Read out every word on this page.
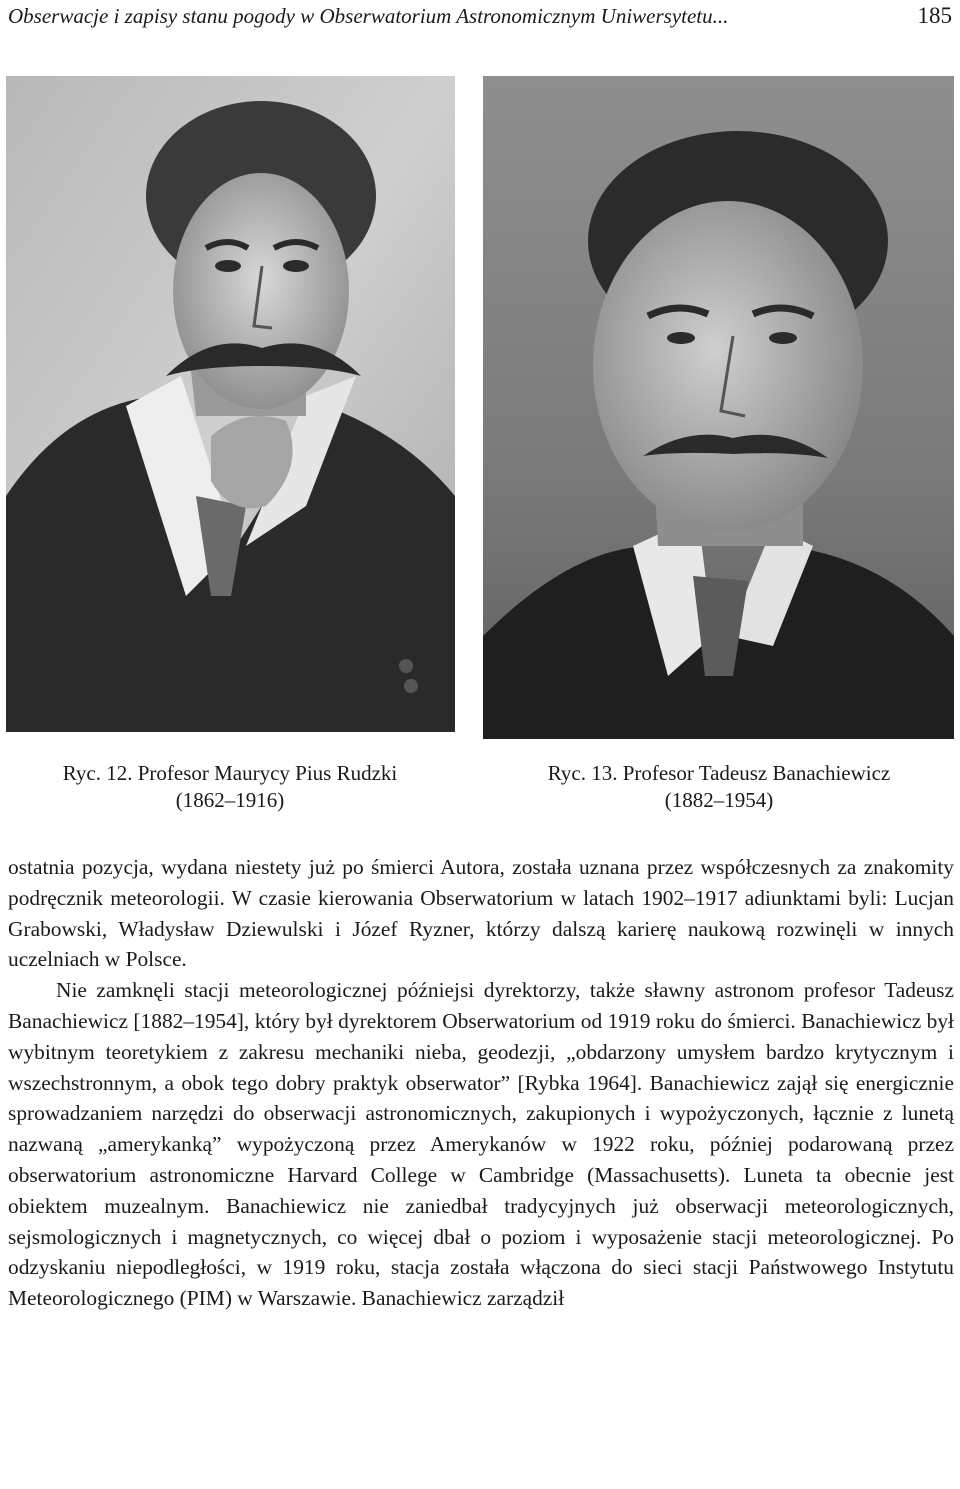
Obserwacje i zapisy stanu pogody w Obserwatorium Astronomicznym Uniwersytetu...	185
Ryc. 12. Profesor Maurycy Pius Rudzki
(1862–1916)
Ryc. 13. Profesor Tadeusz Banachiewicz
(1882–1954)

ostatnia pozycja, wydana niestety już po śmierci Autora, została uznana przez współczesnych za znakomity podręcznik meteorologii. W czasie kierowania Obserwatorium w latach 1902–1917 adiunktami byli: Lucjan Grabowski, Władysław Dziewulski i Józef Ryzner, którzy dalszą karierę naukową rozwinęli w innych uczelniach w Polsce.

Nie zamknęli stacji meteorologicznej późniejsi dyrektorzy, także sławny astronom profesor Tadeusz Banachiewicz [1882–1954], który był dyrektorem Obserwatorium od 1919 roku do śmierci. Banachiewicz był wybitnym teoretykiem z zakresu mechaniki nieba, geodezji, „obdarzony umysłem bardzo krytycznym i wszechstronnym, a obok tego dobry praktyk obserwator” [Rybka 1964]. Banachiewicz zajął się energicznie sprowadzaniem narzędzi do obserwacji astronomicznych, zakupionych i wypożyczonych, łącznie z lunetą nazwaną „amerykanką” wypożyczoną przez Amerykanów w 1922 roku, później podarowaną przez obserwatorium astronomiczne Harvard College w Cambridge (Massachusetts). Luneta ta obecnie jest obiektem muzealnym. Banachiewicz nie zaniedbał tradycyjnych już obserwacji meteorologicznych, sejsmologicznych i magnetycznych, co więcej dbał o poziom i wyposażenie stacji meteorologicznej. Po odzyskaniu niepodległości, w 1919 roku, stacja została włączona do sieci stacji Państwowego Instytutu Meteorologicznego (PIM) w Warszawie. Banachiewicz zarządził
